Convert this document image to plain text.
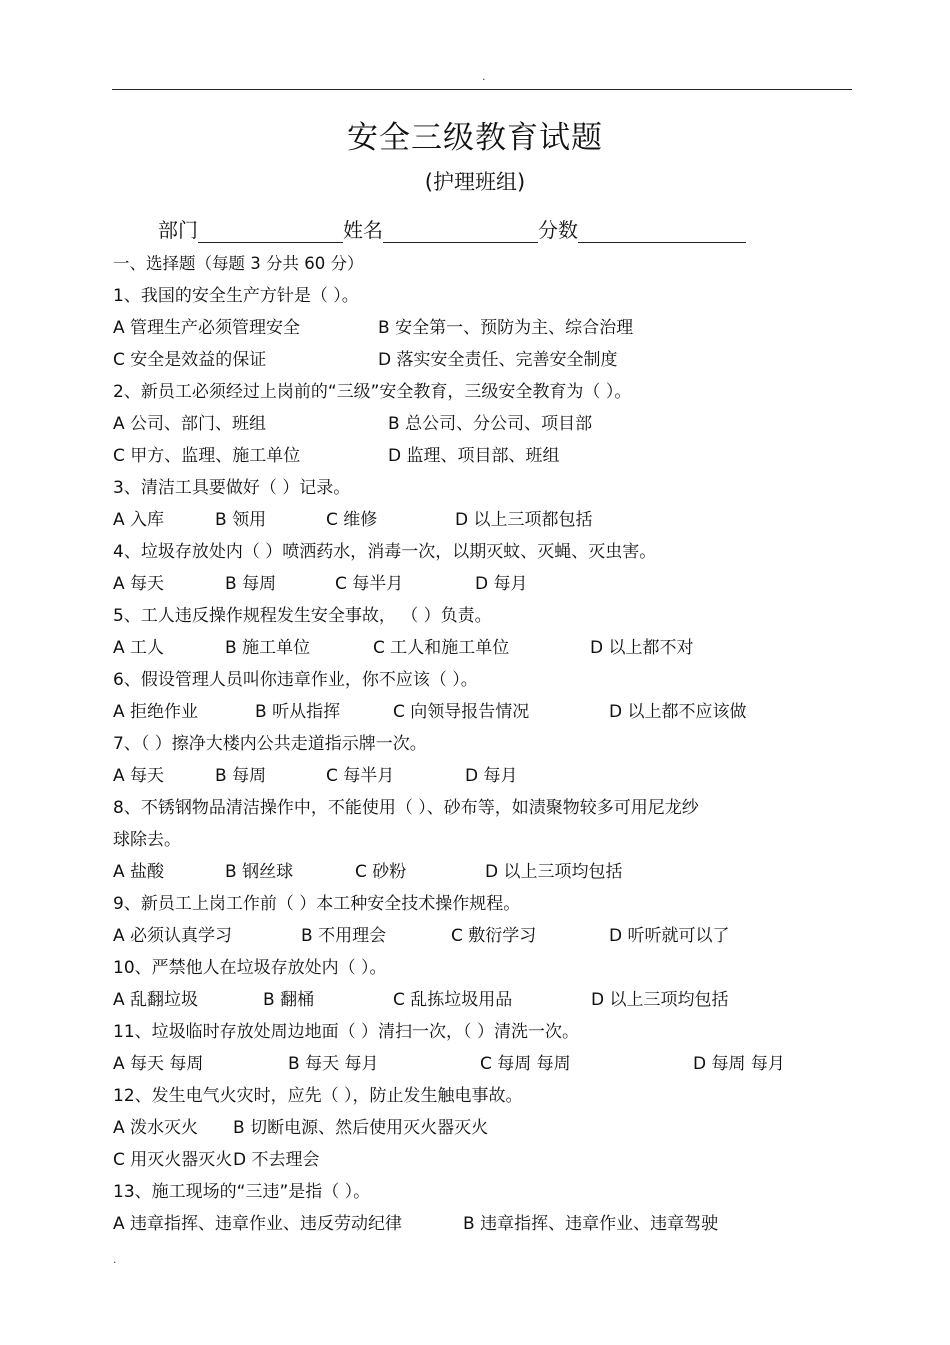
.
安全三级教育试题
(护理班组)
部门	姓名	分数
一、选择题（每题 3 分共 60 分）
1、我国的安全生产方针是（ ）。
A 管理生产必须管理安全	B 安全第一、预防为主、综合治理
C 安全是效益的保证	D 落实安全责任、完善安全制度
2、新员工必须经过上岗前的“三级”安全教育，三级安全教育为（ ）。
A 公司、部门、班组	B 总公司、分公司、项目部
C 甲方、监理、施工单位	D 监理、项目部、班组
3、清洁工具要做好（ ）记录。
A 入库	B 领用	C 维修	D 以上三项都包括
4、垃圾存放处内（ ）喷洒药水，消毒一次，以期灭蚊、灭蝇、灭虫害。
A 每天	B 每周	C 每半月	D 每月
5、工人违反操作规程发生安全事故， （ ）负责。
A 工人	B 施工单位	C 工人和施工单位	D 以上都不对
6、假设管理人员叫你违章作业，你不应该（ ）。
A 拒绝作业	B 听从指挥	C 向领导报告情况	D 以上都不应该做
7、（ ）擦净大楼内公共走道指示牌一次。
A 每天	B 每周	C 每半月	D 每月
8、不锈钢物品清洁操作中，不能使用（ ）、砂布等，如渍聚物较多可用尼龙纱
球除去。
A 盐酸	B 钢丝球	C 砂粉	D 以上三项均包括
9、新员工上岗工作前（ ）本工种安全技术操作规程。
A 必须认真学习	B 不用理会	C 敷衍学习	D 听听就可以了
10、严禁他人在垃圾存放处内（ ）。
A 乱翻垃圾	B 翻桶	C 乱拣垃圾用品	D 以上三项均包括
11、垃圾临时存放处周边地面（ ）清扫一次，（ ）清洗一次。
A 每天 每周	B 每天 每月	C 每周 每周	D 每周 每月
12、发生电气火灾时，应先（ ），防止发生触电事故。
A 泼水灭火 B 切断电源、然后使用灭火器灭火
C 用灭火器灭火 D 不去理会
13、施工现场的“三违”是指（ ）。
A 违章指挥、违章作业、违反劳动纪律	B 违章指挥、违章作业、违章驾驶
.
